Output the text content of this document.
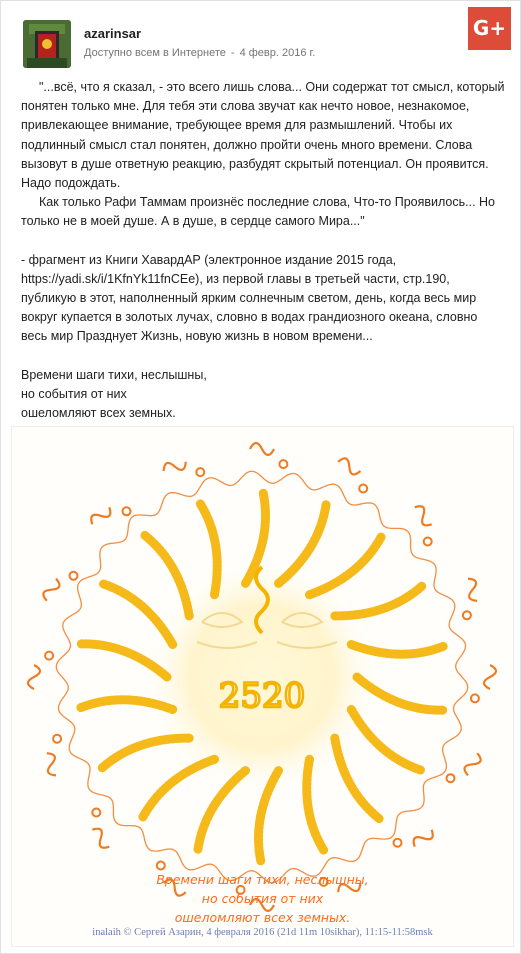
azarinsar
Доступно всем в Интернете - 4 февр. 2016 г.
G+

"...всё, что я сказал, - это всего лишь слова... Они содержат тот смысл, который понятен только мне. Для тебя эти слова звучат как нечто новое, незнакомое, привлекающее внимание, требующее время для размышлений. Чтобы их подлинный смысл стал понятен, должно пройти очень много времени. Слова вызовут в душе ответную реакцию, разбудят скрытый потенциал. Он проявится. Надо подождать.

Как только Рафи Таммам произнёс последние слова, Что-то Проявилось... Но только не в моей душе. А в душе, в сердце самого Мира..."

- фрагмент из Книги ХавардАР (электронное издание 2015 года, https://yadi.sk/i/1KfnYk11fnCEe), из первой главы в третьей части, стр.190, публикую в этот, наполненный ярким солнечным светом, день, когда весь мир вокруг купается в золотых лучах, словно в водах грандиозного океана, словно весь мир Празднует Жизнь, новую жизнь в новом времени...

Времени шаги тихи, неслышны,

но события от них

ошеломляют всех земных.

2520
Времени шаги тихи, неслышны,
но события от них
ошеломляют всех земных.
inalaih © Сергей Азарин, 4 февраля 2016 (21d 11m 10sikhar), 11:15-11:58msk
